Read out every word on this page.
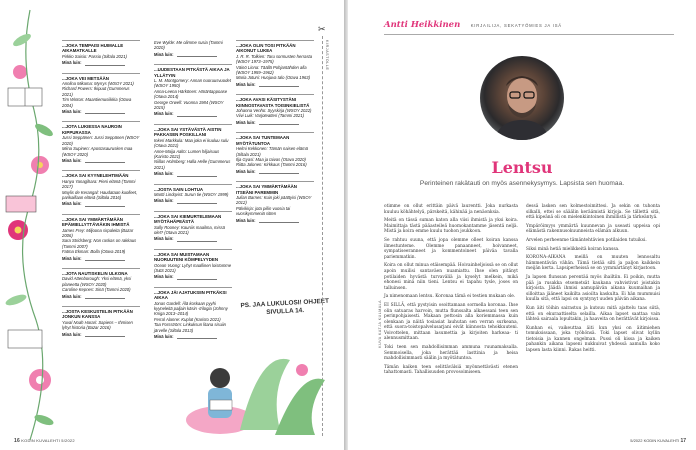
...JOKA TEMPAISI HUIMALLE AIKAMATKALLE
Pirkko Saisio: Passio (Siltala 2021)
Minä luin:
...JOKA VEI METSÄÄN
Annlina Mikama: Myrrys (WSOY 2021)
Richard Powers: Ikipuut (Gummerus 2021)
Tim Winton: Maantiemusiikkia (Otava 2004)
Minä luin:
...JOTA LUKIESSA NAUROIN KIPPURASSA
Jussi Seppänen: Jussi Seppänen (WSOY 2020)
Miina Supinen: Apostasaurusken maa (WSOY 2020)
Minä luin:
...JOKA SAI KYYNELEHTIMÄÄN
Hanya Yanagihara: Pieni elämä (Tammi 2017)
Maylis de Kerangal: Haudataan kuolleet, parikaillaan eläviä (Siltala 2016)
Minä luin:
...JOKA SAI YMMÄRTÄMÄÄN EPÄMIELLYTTÄVIÄKIN IHMISTÄ
James Frey: Miljoona sirpaleita (Bazar 2006)
Sara Stridsberg: Non raskas on rakkaus (Tammi 2007)
Fatma Ekman: Bolla (Otava 2019)
Minä luin:
...JOTA NAUTISKELIN ULKONA
David Attenborough: Yksi elämä, yksi planeetta (WSOY 2020)
Caroline Kepnes: Sinä (Tammi 2020)
Minä luin:
...JOSTA KESKUSTELIN PITKÄÄN JONKUN KANSSA
Yuval Noah Harari: Sapiens – Ihmisen lyhyt historia (Bazar 2016)
Minä luin:
Eve Wylde: Me olimme susia (Tammi 2020)
Minä luin:
...UUDESTAAN PITKÄSTÄ AIKAA JA YLLÄTYIN
L. M. Montgomery: Annan nuoruusvuodet (WSOY 1950)
Anna-Leena Härkönen: Häräntappoase (Otava 2014)
George Orwell: Vuonna 1984 (WSOY 2015)
Minä luin:
...JOKA SAI YSTÄVÄSTÄ AISTIN PAKKASEN POSKILLANI
Inkeri Markkula: Maa joka ei kuuluu sulu (Otava 2021)
Anne-Maija Aalto: Lumen hiljaisuus (Karisto 2021)
Niillas Holmberg: Halla Helle (Gummerus 2021)
Minä luin:
...JOSTA SAIN LOHTUA
Martti Lindqvist: Surun tie (WSOY 1999)
Minä luin:
...JOKA SAI KIEMURTELEMAAN MYÖTÄHÄPEÄSTÄ
Sally Rooney: Kauniis maailma, missä olet? (Otava 2021)
Minä luin:
...JOKA SAI MUISTAMAAN NUORUUTENI KÖMPELYYDEN
Ocean Vuong: Lyhyt maallinen loistomme (S&S 2021)
Minä luin:
...JOKA JÄI AJATUKSIIN PITKÄKSI AIKAA
Jonas Gardell: Älä koskaan pyyhi kyyneleitä paljain käsin -trilogia (Johnny Kniga 2013–2014)
Ferral Alanne: Kuplat (Karisto 2021)
Taa Forsström: Linkuksun litana sisuiin järvelle (Siltala 2013)
Minä luin:
...JOKA OLIN TOSI PITKÄÄN AIKONUT LUKEA
J. R. R. Tolkien: Taru sormusten herrasta (WSOY 1973–1975)
Väinö Linna: Täällä Pohjantähden alla (WSOY 1959–1962)
Maria Jotuni: Huojuva talo (Otava 1963)
Minä luin:
...JOKA AVASI KÄSITYSTÄNI KIINNOSTAVASTA TOISINKIELISTÄ
Johanna Venho: Syyskirja (WSOY 2022)
Viivi Luik: Varjoteatteri (Tammi 2021)
Minä luin:
...JOKA SAI TUNTEMAAN MYÖTÄTUNTOA
Helmi Kekkonen: Tämän naisen elämä (Siltala 2021)
Ilja Gyasi: Maa ja taivas (Otava 2020)
Riitta Jalonen: Kirkkaus (Tammi 2016)
Minä luin:
...JOKA SAI YMMÄRTÄMÄÄN ITSEÄNI PAREMMIN
Julian Barnes: Kuin joki päättyisi (WSOY 2012)
Pälvikirja: jota piilin vuosia tai vuosikymmeniä sitten
Minä luin:
PS. JAA LUKULOSI! OHJEET SIVULLA 14.
✂
KIRJASTOLLE
16 KODIN KUVALEHTI 5/2022
Antti Heikkinen KIRJAILIJA, SEKATYÖMIES JA ISÄ
Lentsu
Perinteinen rakätauti on myös asennekysymys. Lapsista sen huomaa.

otimme on ollut erittäin päivä laurentti. Joka nurkasta kuuluu köhähtelyä, pärskeitä, kähinää ja nenäonksia.

Meitä on tässä suman katon alla viisi ihmistä ja yksi koira. Maimittaja tästä pääasteileä huomokantamme jäsentä neljä. Mistä ja koira emme kuulu tuohon joukkoon.

Se rahtuu suuna, että jopa olemme olleet koiran kanssa ilmestunteme. Olemme panaanneet, hoivanneet, sympatiseeranneet ja kommentoineet päiväa tavalla pariemmatkin.

Koira on ollut minua etäisempää. Hoivainheljoissä se on ollut apoin muilisi santaväen nuamiattu. Ihse olen pitänyt potilaiden hyvästä turvaväliä ja kyselyt melkein, mikä ehonesi minä niin tieni. Lentsu ei tapahu tysle, joses on talluinsen.

Ja nimenomaan lentsu. Koronaa tämä ei testien mukaan ole.

EI SILLÄ, että pystyisin osoittamaan sormella koronaa. Ihse olin satuaras harvoin, mutta flunssalta alkaessani teen sen perinpohjaisesti. Makaan pettosin alla koriemmassa kuin olenkaan ja näitä tosiasiat lauhutan sen verran surkeana, että suora-toistopalvelusarjani eivät kiinnosta tehokkuuteni. Voivottelen, mittaan lasumettia ja kirjoiten harkeaa- ti alennusmittaan.

Toki teen sen mahdollisimman ammuna ruunamaksalla. Semmoisella, joka herättää lasttinia ja heisa mahdollisimmasti säälin ja myötätuntoa.

Tämän kaiken teen selittävälsiä myönnettävästi etenen tahattomasti. Tahallisuuden provosoimiseen.

dessä lasken sen kolmestoimittesi. Ja sekin on tuhonta silkalli, ettei se sääälin keräämistä kirjoja. Se tällettä sitä, että kipeänä oli on mielenkiintoinen ihmillistä ja tärkeäntyä.

Ympäröimyys ymmärtä kuunnevan ja useasti uppeisa opi elämästä rakennusokuunneista elämän alkuun.

Arvelen perheenme tämäntehtävien potilaiden tutuiksi.

Siksi minä hetiä mielikkeitä koiran kanssa.

KORONA-AIKANA meillä on muuten lennosaltu hämmentävän vähän. Tämä tietää silti ja paljon kaikkein meijän kerta. Lapsiperheissä se on yymmärtänyt kirjastoon.

Ja lapsen flunssan perentää myös ihailtiin. Ei poikin, mutta pää ja rusakka etsemetsät kaukana vahvistivat joistakin kirjoista. Jäädä ihmisi aamupäivän aikana kuumaihan ja silloittaa jääneet kaikilta asioilta kaskulta. Ei hän mummuisi kuulla sitä, että lapsi on syntynyt uuden päivän aikana.

Kun äiti töihin sairastuu ja kutsuu mitä ajattelu taas siitä, että on ekuraattiselta selailla. Aikaa lapset saattaa vain lähteä sairaala lopultakin, ja haaveita on herättävät kirjoissa.

Kunhan ei, vaikeuttaa äiti kun yksi on äitimiehen tomuksissaan, joka työhönsä. Toki lapset olivat kyllin tietoisia ja kannen ongelman. Pussi oli kissa ja kaiken pahankin aikana lapseni nukkuivat yhdessä aamulla koko lapsen lasta kiinni. Rakas heitti.

KUVA KATJA KULMALA
5/2022 KODIN KUVALEHTI 17
